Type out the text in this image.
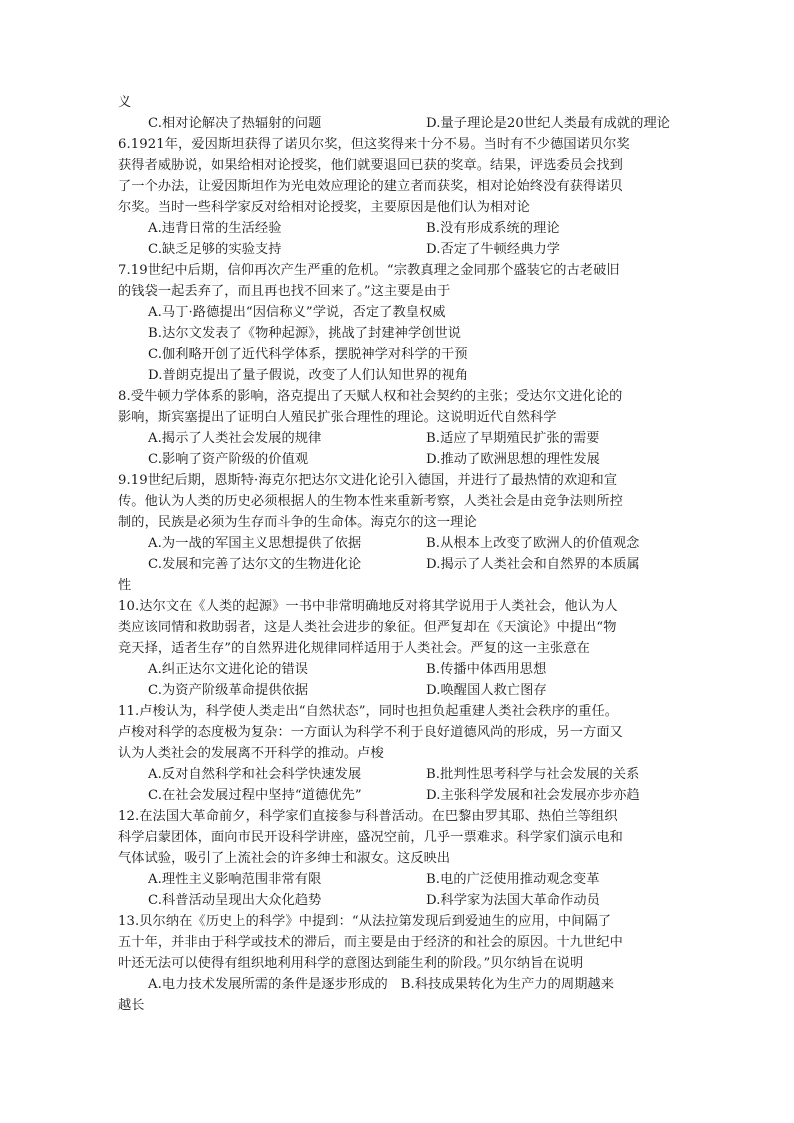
义
C.相对论解决了热辐射的问题	D.量子理论是20世纪人类最有成就的理论
6.1921年，爱因斯坦获得了诺贝尔奖，但这奖得来十分不易。当时有不少德国诺贝尔奖
获得者威胁说，如果给相对论授奖，他们就要退回已获的奖章。结果，评选委员会找到
了一个办法，让爱因斯坦作为光电效应理论的建立者而获奖，相对论始终没有获得诺贝
尔奖。当时一些科学家反对给相对论授奖，主要原因是他们认为相对论
A.违背日常的生活经验	B.没有形成系统的理论
C.缺乏足够的实验支持	D.否定了牛顿经典力学
7.19世纪中后期，信仰再次产生严重的危机。“宗教真理之金同那个盛装它的古老破旧
的钱袋一起丢弃了，而且再也找不回来了。”这主要是由于
A.马丁·路德提出“因信称义”学说，否定了教皇权威
B.达尔文发表了《物种起源》，挑战了封建神学创世说
C.伽利略开创了近代科学体系，摆脱神学对科学的干预
D.普朗克提出了量子假说，改变了人们认知世界的视角
8.受牛顿力学体系的影响，洛克提出了天赋人权和社会契约的主张；受达尔文进化论的
影响，斯宾塞提出了证明白人殖民扩张合理性的理论。这说明近代自然科学
A.揭示了人类社会发展的规律	B.适应了早期殖民扩张的需要
C.影响了资产阶级的价值观	D.推动了欧洲思想的理性发展
9.19世纪后期，恩斯特·海克尔把达尔文进化论引入德国，并进行了最热情的欢迎和宣
传。他认为人类的历史必须根据人的生物本性来重新考察，人类社会是由竞争法则所控
制的，民族是必须为生存而斗争的生命体。海克尔的这一理论
A.为一战的军国主义思想提供了依据	B.从根本上改变了欧洲人的价值观念
C.发展和完善了达尔文的生物进化论	D.揭示了人类社会和自然界的本质属
性
10.达尔文在《人类的起源》一书中非常明确地反对将其学说用于人类社会，他认为人
类应该同情和救助弱者，这是人类社会进步的象征。但严复却在《天演论》中提出“物
竞天择，适者生存”的自然界进化规律同样适用于人类社会。严复的这一主张意在
A.纠正达尔文进化论的错误	B.传播中体西用思想
C.为资产阶级革命提供依据	D.唤醒国人救亡图存
11.卢梭认为，科学使人类走出“自然状态”，同时也担负起重建人类社会秩序的重任。
卢梭对科学的态度极为复杂：一方面认为科学不利于良好道德风尚的形成，另一方面又
认为人类社会的发展离不开科学的推动。卢梭
A.反对自然科学和社会科学快速发展	B.批判性思考科学与社会发展的关系
C.在社会发展过程中坚持“道德优先”	D.主张科学发展和社会发展亦步亦趋
12.在法国大革命前夕，科学家们直接参与科普活动。在巴黎由罗其耶、热伯兰等组织
科学启蒙团体，面向市民开设科学讲座，盛况空前，几乎一票难求。科学家们演示电和
气体试验，吸引了上流社会的许多绅士和淑女。这反映出
A.理性主义影响范围非常有限	B.电的广泛使用推动观念变革
C.科普活动呈现出大众化趋势	D.科学家为法国大革命作动员
13.贝尔纳在《历史上的科学》中提到：“从法拉第发现后到爱迪生的应用，中间隔了
五十年，并非由于科学或技术的滞后，而主要是由于经济的和社会的原因。十九世纪中
叶还无法可以使得有组织地利用科学的意图达到能生利的阶段。”贝尔纳旨在说明
A.电力技术发展所需的条件是逐步形成的 B.科技成果转化为生产力的周期越来
越长
